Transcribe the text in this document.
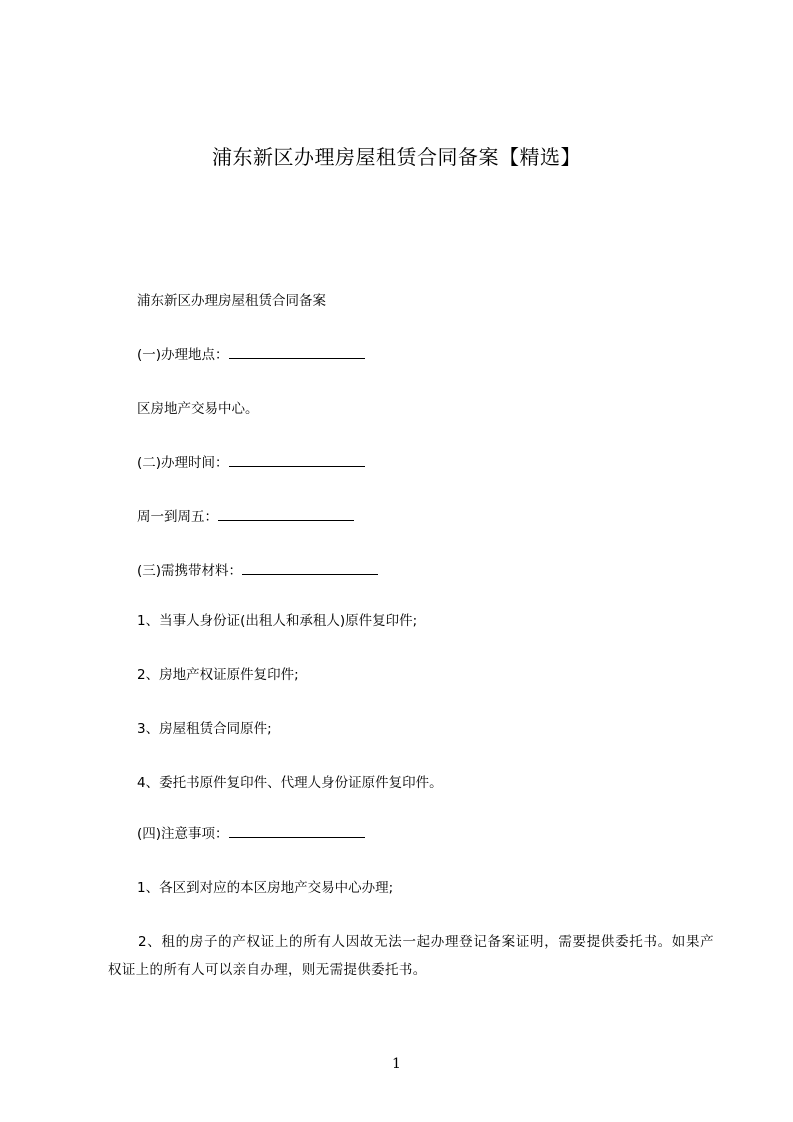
浦东新区办理房屋租赁合同备案【精选】
浦东新区办理房屋租赁合同备案
(一)办理地点：
区房地产交易中心。
(二)办理时间：
周一到周五：
(三)需携带材料：
1、当事人身份证(出租人和承租人)原件复印件;
2、房地产权证原件复印件;
3、房屋租赁合同原件;
4、委托书原件复印件、代理人身份证原件复印件。
(四)注意事项：
1、各区到对应的本区房地产交易中心办理;
2、租的房子的产权证上的所有人因故无法一起办理登记备案证明，需要提供委托书。如果产权证上的所有人可以亲自办理，则无需提供委托书。
1
